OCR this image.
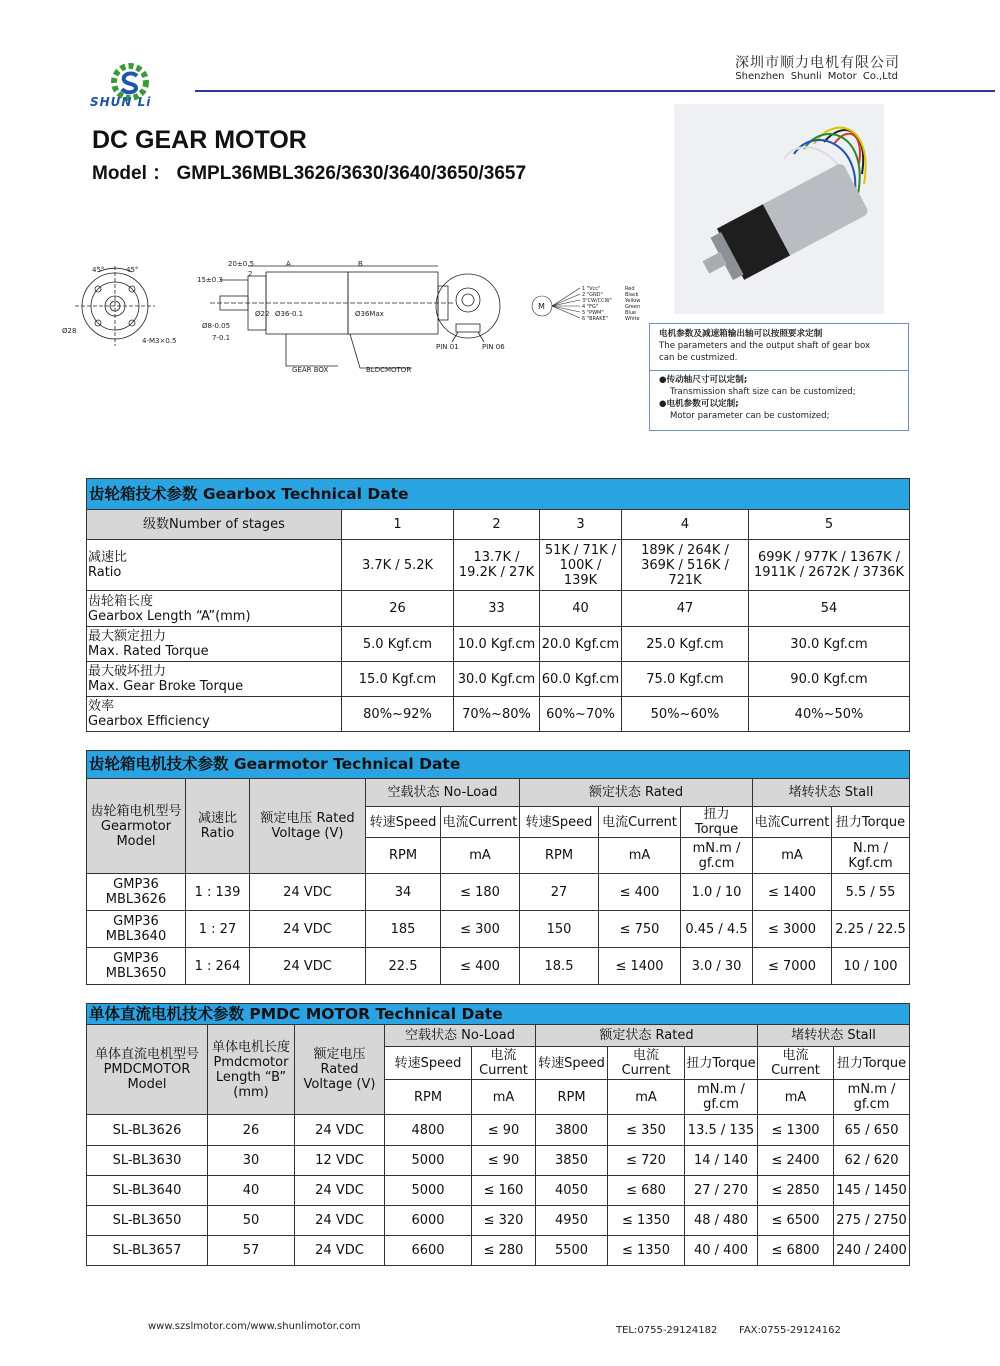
SHUN Li
深圳市顺力电机有限公司
Shenzhen Shunli Motor Co.,Ltd
DC GEAR MOTOR
Model ： GMPL36MBL3626/3630/3640/3650/3657

电机参数及减速箱输出轴可以按照要求定制

The parameters and the output shaft of gear box

can be custmized.

●传动轴尺寸可以定制;

Transmission shaft size can be customized;

●电机参数可以定制;

Motor parameter can be customized;

45°	45°
Ø28
4-M3×0.5
20±0.5	A	B
15±0.3
2
Ø8-0.05
7-0.1
Ø22 Ø36-0.1	Ø36Max
GEAR BOX	BLDCMOTOR
PIN 01	PIN 06
M
1 "Vcc"
2 "GND"
3"CW/CCW"
4 "FG"
5 "PWM"
6 "BRAKE"
Red
Black
Yellow
Green
Blue
White
齿轮箱技术参数 Gearbox Technical Date					
级数Number of stages	1	2	3	4	5

减速比
Ratio	3.7K / 5.2K	13.7K / 19.2K / 27K	51K / 71K / 100K / 139K	189K / 264K / 369K / 516K / 721K	699K / 977K / 1367K / 1911K / 2672K / 3736K

齿轮箱长度
Gearbox Length “A”(mm)	26	33	40	47	54

最大额定扭力
Max. Rated Torque	5.0 Kgf.cm	10.0 Kgf.cm	20.0 Kgf.cm	25.0 Kgf.cm	30.0 Kgf.cm

最大破坏扭力
Max. Gear Broke Torque	15.0 Kgf.cm	30.0 Kgf.cm	60.0 Kgf.cm	75.0 Kgf.cm	90.0 Kgf.cm

效率
Gearbox Efficiency	80%~92%	70%~80%	60%~70%	50%~60%	40%~50%
齿轮箱电机技术参数 Gearmotor Technical Date									
齿轮箱电机型号 Gearmotor Model	减速比 Ratio	额定电压 Rated Voltage (V)	空载状态 No-Load		额定状态 Rated			堵转状态 Stall	
			转速Speed	电流Current	转速Speed	电流Current	扭力Torque	电流Current	扭力Torque
			RPM	mA	RPM	mA	mN.m / gf.cm	mA	N.m / Kgf.cm
GMP36 MBL3626	1 : 139	24 VDC	34	≤ 180	27	≤ 400	1.0 / 10	≤ 1400	5.5 / 55
GMP36 MBL3640	1 : 27	24 VDC	185	≤ 300	150	≤ 750	0.45 / 4.5	≤ 3000	2.25 / 22.5
GMP36 MBL3650	1 : 264	24 VDC	22.5	≤ 400	18.5	≤ 1400	3.0 / 30	≤ 7000	10 / 100
单体直流电机技术参数 PMDC MOTOR Technical Date									
单体直流电机型号 PMDCMOTOR Model	单体电机长度 Pmdcmotor Length “B” (mm)	额定电压 Rated Voltage (V)	空载状态 No-Load		额定状态 Rated			堵转状态 Stall	
			转速Speed	电流 Current	转速Speed	电流 Current	扭力Torque	电流 Current	扭力Torque
			RPM	mA	RPM	mA	mN.m / gf.cm	mA	mN.m / gf.cm
SL-BL3626	26	24 VDC	4800	≤ 90	3800	≤ 350	13.5 / 135	≤ 1300	65 / 650
SL-BL3630	30	12 VDC	5000	≤ 90	3850	≤ 720	14 / 140	≤ 2400	62 / 620
SL-BL3640	40	24 VDC	5000	≤ 160	4050	≤ 680	27 / 270	≤ 2850	145 / 1450
SL-BL3650	50	24 VDC	6000	≤ 320	4950	≤ 1350	48 / 480	≤ 6500	275 / 2750
SL-BL3657	57	24 VDC	6600	≤ 280	5500	≤ 1350	40 / 400	≤ 6800	240 / 2400
www.szslmotor.com/www.shunlimotor.com	TEL:0755-29124182 FAX:0755-29124162
